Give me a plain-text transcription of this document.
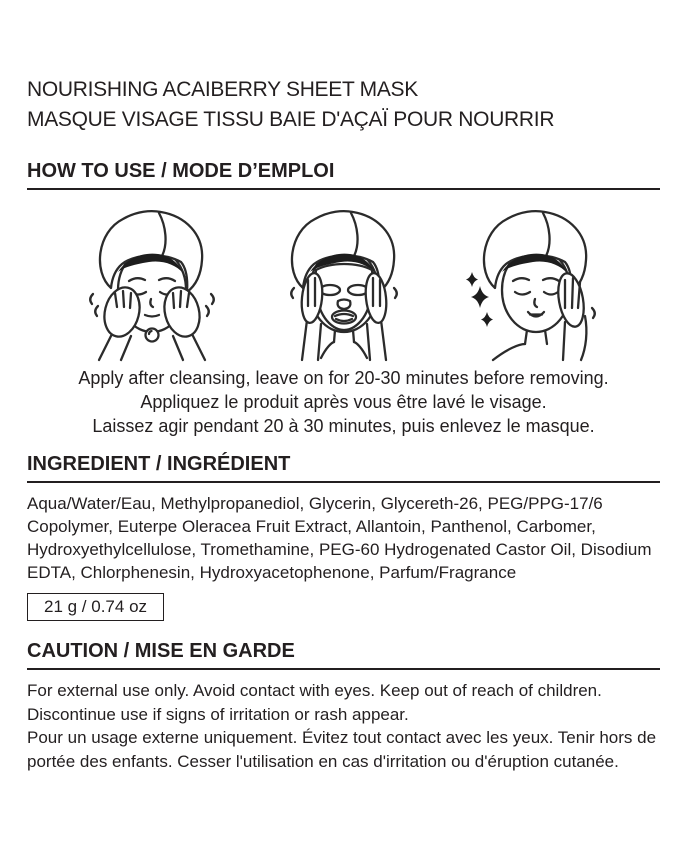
NOURISHING ACAIBERRY SHEET MASK
MASQUE VISAGE TISSU BAIE D'AÇAÏ POUR NOURRIR
HOW TO USE / MODE D’EMPLOI
Apply after cleansing, leave on for 20-30 minutes before removing.
Appliquez le produit après vous être lavé le visage.
Laissez agir pendant 20 à 30 minutes, puis enlevez le masque.
INGREDIENT / INGRÉDIENT

Aqua/Water/Eau, Methylpropanediol, Glycerin, Glycereth-26, PEG/PPG-17/6 Copolymer, Euterpe Oleracea Fruit Extract, Allantoin, Panthenol, Carbomer, Hydroxyethylcellulose, Tromethamine, PEG-60 Hydrogenated Castor Oil, Disodium EDTA, Chlorphenesin, Hydroxyacetophenone, Parfum/Fragrance

21 g / 0.74 oz
CAUTION / MISE EN GARDE

For external use only. Avoid contact with eyes. Keep out of reach of children. Discontinue use if signs of irritation or rash appear.

Pour un usage externe uniquement. Évitez tout contact avec les yeux. Tenir hors de portée des enfants. Cesser l'utilisation en cas d'irritation ou d'éruption cutanée.
